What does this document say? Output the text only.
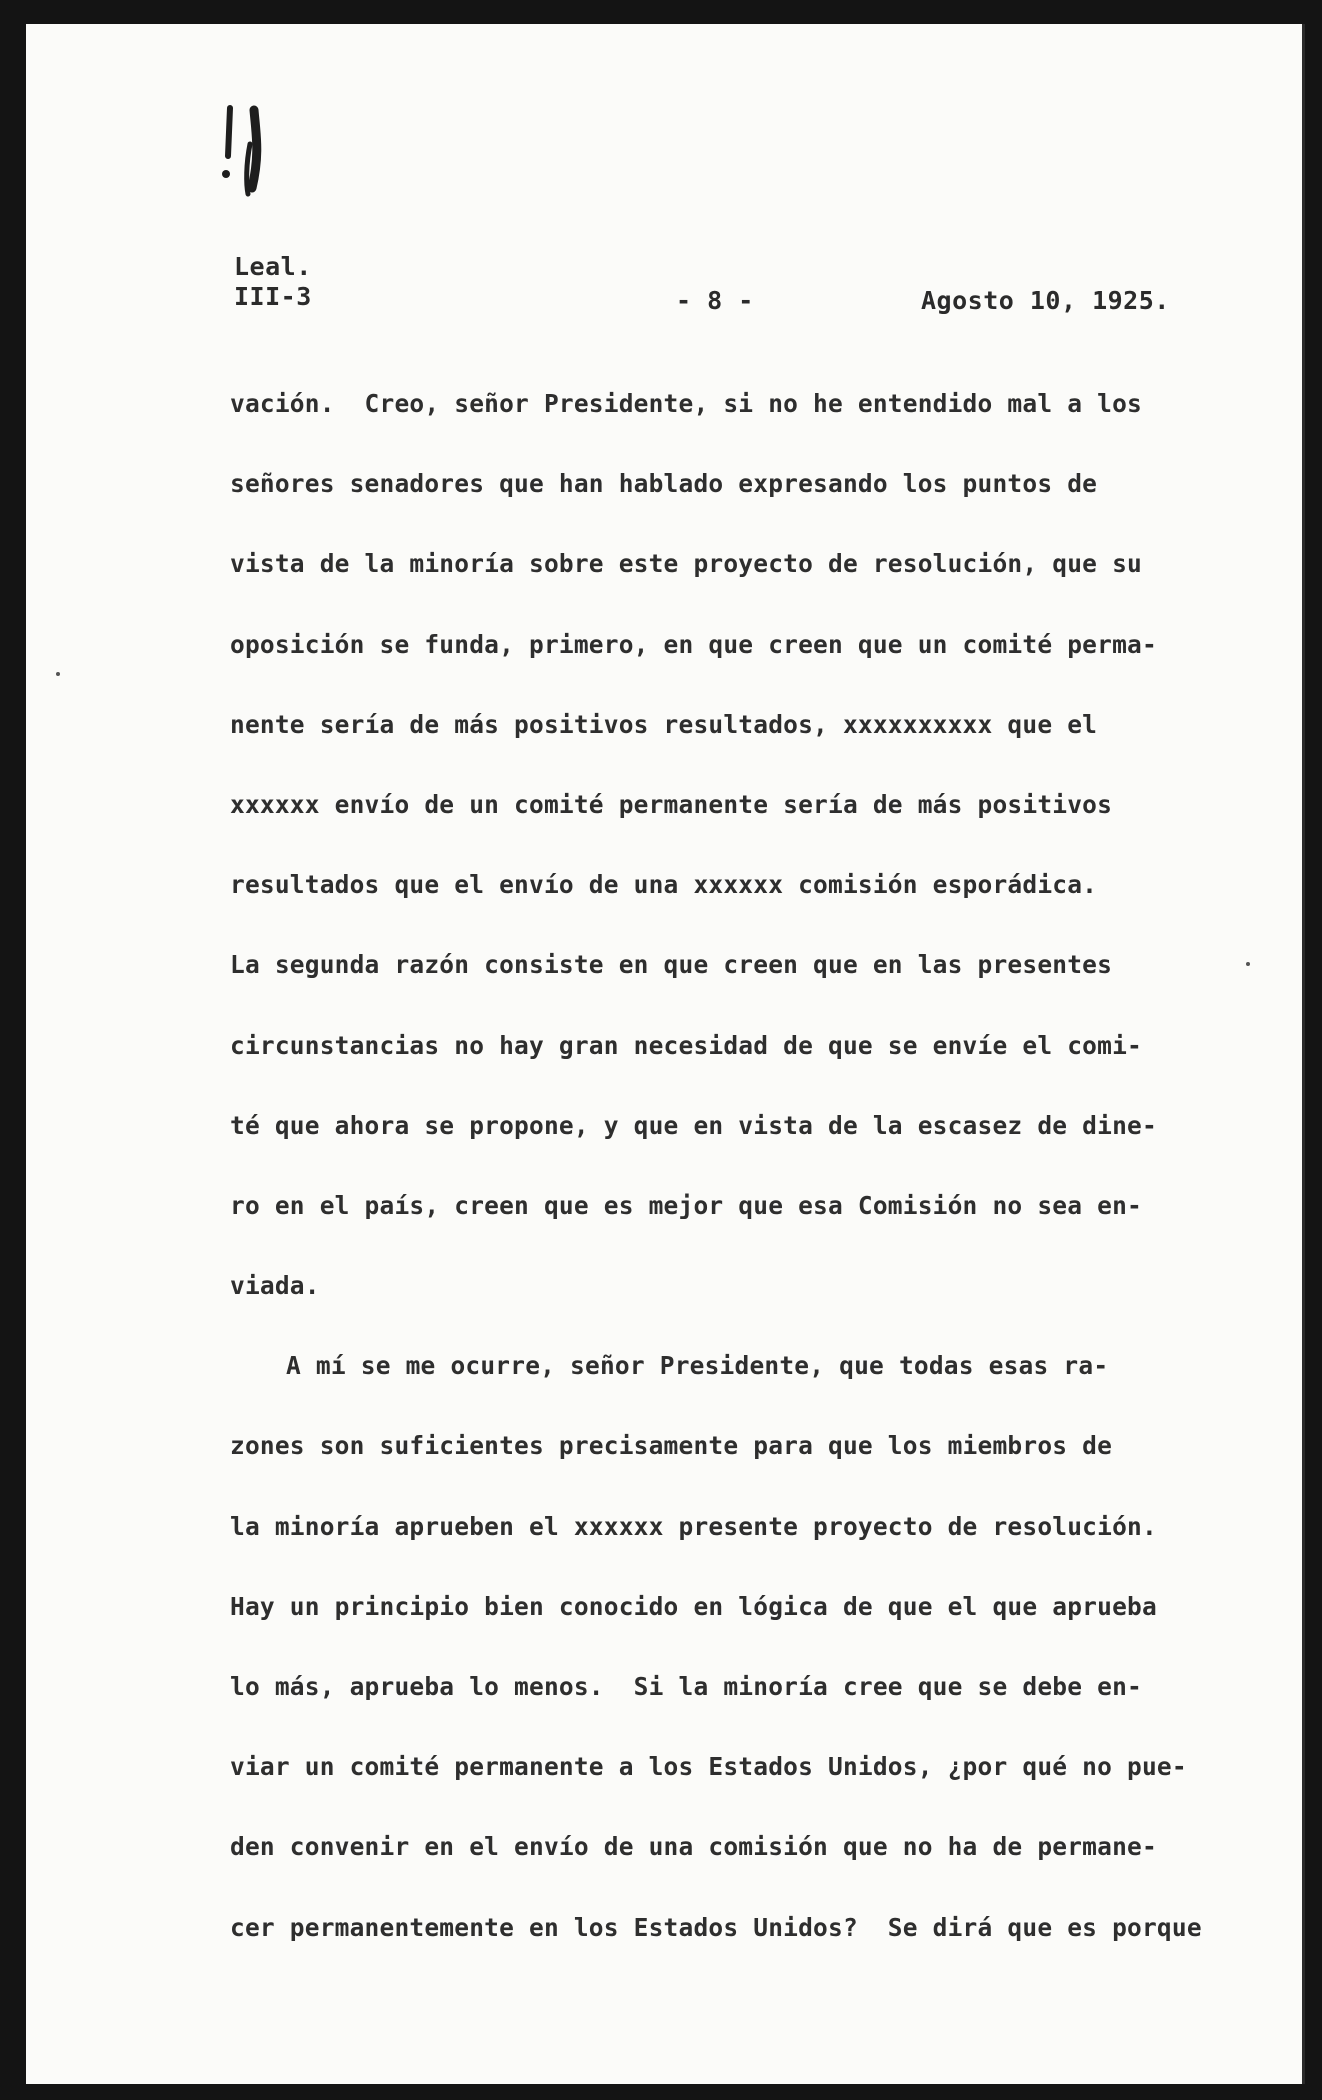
Leal.
III-3	- 8 -	Agosto 10, 1925.
vación.  Creo, señor Presidente, si no he entendido mal a los
señores senadores que han hablado expresando los puntos de
vista de la minoría sobre este proyecto de resolución, que su
oposición se funda, primero, en que creen que un comité perma-
nente sería de más positivos resultados, xxxxxxxxxx que el
xxxxxx envío de un comité permanente sería de más positivos
resultados que el envío de una xxxxxx comisión esporádica.
La segunda razón consiste en que creen que en las presentes
circunstancias no hay gran necesidad de que se envíe el comi-
té que ahora se propone, y que en vista de la escasez de dine-
ro en el país, creen que es mejor que esa Comisión no sea en-
viada.
A mí se me ocurre, señor Presidente, que todas esas ra-
zones son suficientes precisamente para que los miembros de
la minoría aprueben el xxxxxx presente proyecto de resolución.
Hay un principio bien conocido en lógica de que el que aprueba
lo más, aprueba lo menos.  Si la minoría cree que se debe en-
viar un comité permanente a los Estados Unidos, ¿por qué no pue-
den convenir en el envío de una comisión que no ha de permane-
cer permanentemente en los Estados Unidos?  Se dirá que es porque
